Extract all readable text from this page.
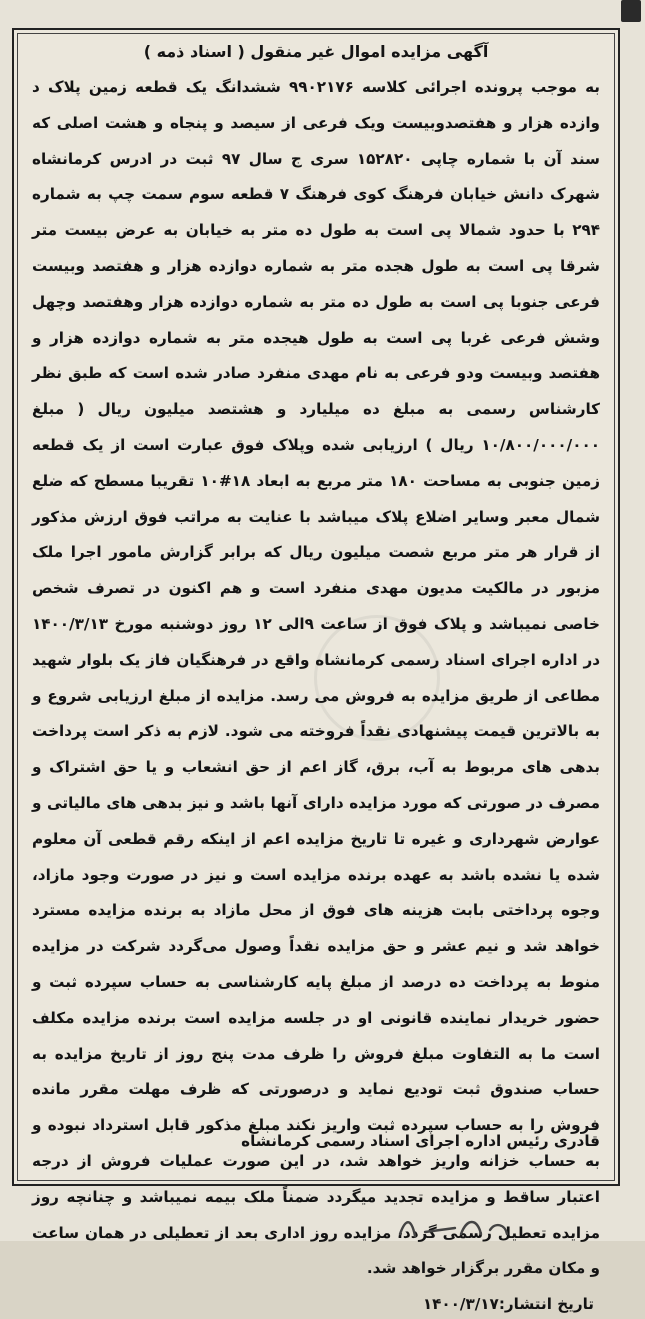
آگهی مزایده اموال غیر منقول ( اسناد ذمه )

به موجب پرونده اجرائی کلاسه ۹۹۰۲۱۷۶ ششدانگ یک قطعه زمین پلاک د وازده هزار و هفتصدوبیست ویک فرعی از سیصد و پنجاه و هشت اصلی که سند آن با شماره چاپی ۱۵۲۸۲۰ سری ج سال ۹۷ ثبت در ادرس کرمانشاه شهرک دانش خیابان فرهنگ کوی فرهنگ ۷ قطعه سوم سمت چپ به شماره ۲۹۴ با حدود شمالا پی است به طول ده متر به خیابان به عرض بیست متر شرقا پی است به طول هجده متر به شماره دوازده هزار و هفتصد وبیست فرعی جنوبا پی است به طول ده متر به شماره دوازده هزار وهفتصد وچهل وشش فرعی غربا پی است به طول هیجده متر به شماره دوازده هزار و هفتصد وبیست ودو فرعی به نام مهدی منفرد صادر شده است که طبق نظر کارشناس رسمی به مبلغ ده میلیارد و هشتصد میلیون ریال ( مبلغ ۱۰/۸۰۰/۰۰۰/۰۰۰ ریال ) ارزیابی شده وپلاک فوق عبارت است از یک قطعه زمین جنوبی به مساحت ۱۸۰ متر مربع به ابعاد ۱۸#۱۰ تقریبا مسطح که ضلع شمال معبر وسایر اضلاع پلاک میباشد با عنایت به مراتب فوق ارزش مذکور از قرار هر متر مربع شصت میلیون ریال که برابر گزارش مامور اجرا ملک مزبور در مالکیت مدیون مهدی منفرد است و هم اکنون در تصرف شخص خاصی نمیباشد و پلاک فوق از ساعت ۹الی ۱۲ روز دوشنبه مورخ ۱۴۰۰/۳/۱۳ در اداره اجرای اسناد رسمی کرمانشاه واقع در فرهنگیان فاز یک بلوار شهید مطاعی از طریق مزایده به فروش می رسد. مزایده از مبلغ ارزیابی شروع و به بالاترین قیمت پیشنهادی نقداً فروخته می شود. لازم به ذکر است پرداخت بدهی های مربوط به آب، برق، گاز اعم از حق انشعاب و یا حق اشتراک و مصرف در صورتی که مورد مزایده دارای آنها باشد و نیز بدهی های مالیاتی و عوارض شهرداری و غیره تا تاریخ مزایده اعم از اینکه رقم قطعی آن معلوم شده یا نشده باشد به عهده برنده مزایده است و نیز در صورت وجود مازاد، وجوه پرداختی بابت هزینه های فوق از محل مازاد به برنده مزایده مسترد خواهد شد و نیم عشر و حق مزایده نقداً وصول می‌گردد شرکت در مزایده منوط به پرداخت ده درصد از مبلغ پایه کارشناسی به حساب سپرده ثبت و حضور خریدار نماینده قانونی او در جلسه مزایده است برنده مزایده مکلف است ما به التفاوت مبلغ فروش را ظرف مدت پنج روز از تاریخ مزایده به حساب صندوق ثبت تودیع نماید و درصورتی که ظرف مهلت مقرر مانده فروش را به حساب سپرده ثبت واریز نکند مبلغ مذکور قابل استرداد نبوده و به حساب خزانه واریز خواهد شد، در این صورت عملیات فروش از درجه اعتبار ساقط و مزایده تجدید میگردد ضمناً ملک بیمه نمیباشد و چنانچه روز مزایده تعطیل رسمی گردد، مزایده روز اداری بعد از تعطیلی در همان ساعت و مکان مقرر برگزار خواهد شد.

تاریخ انتشار:۱۴۰۰/۳/۱۷
قادری رئیس اداره اجرای اسناد رسمی کرمانشاه
